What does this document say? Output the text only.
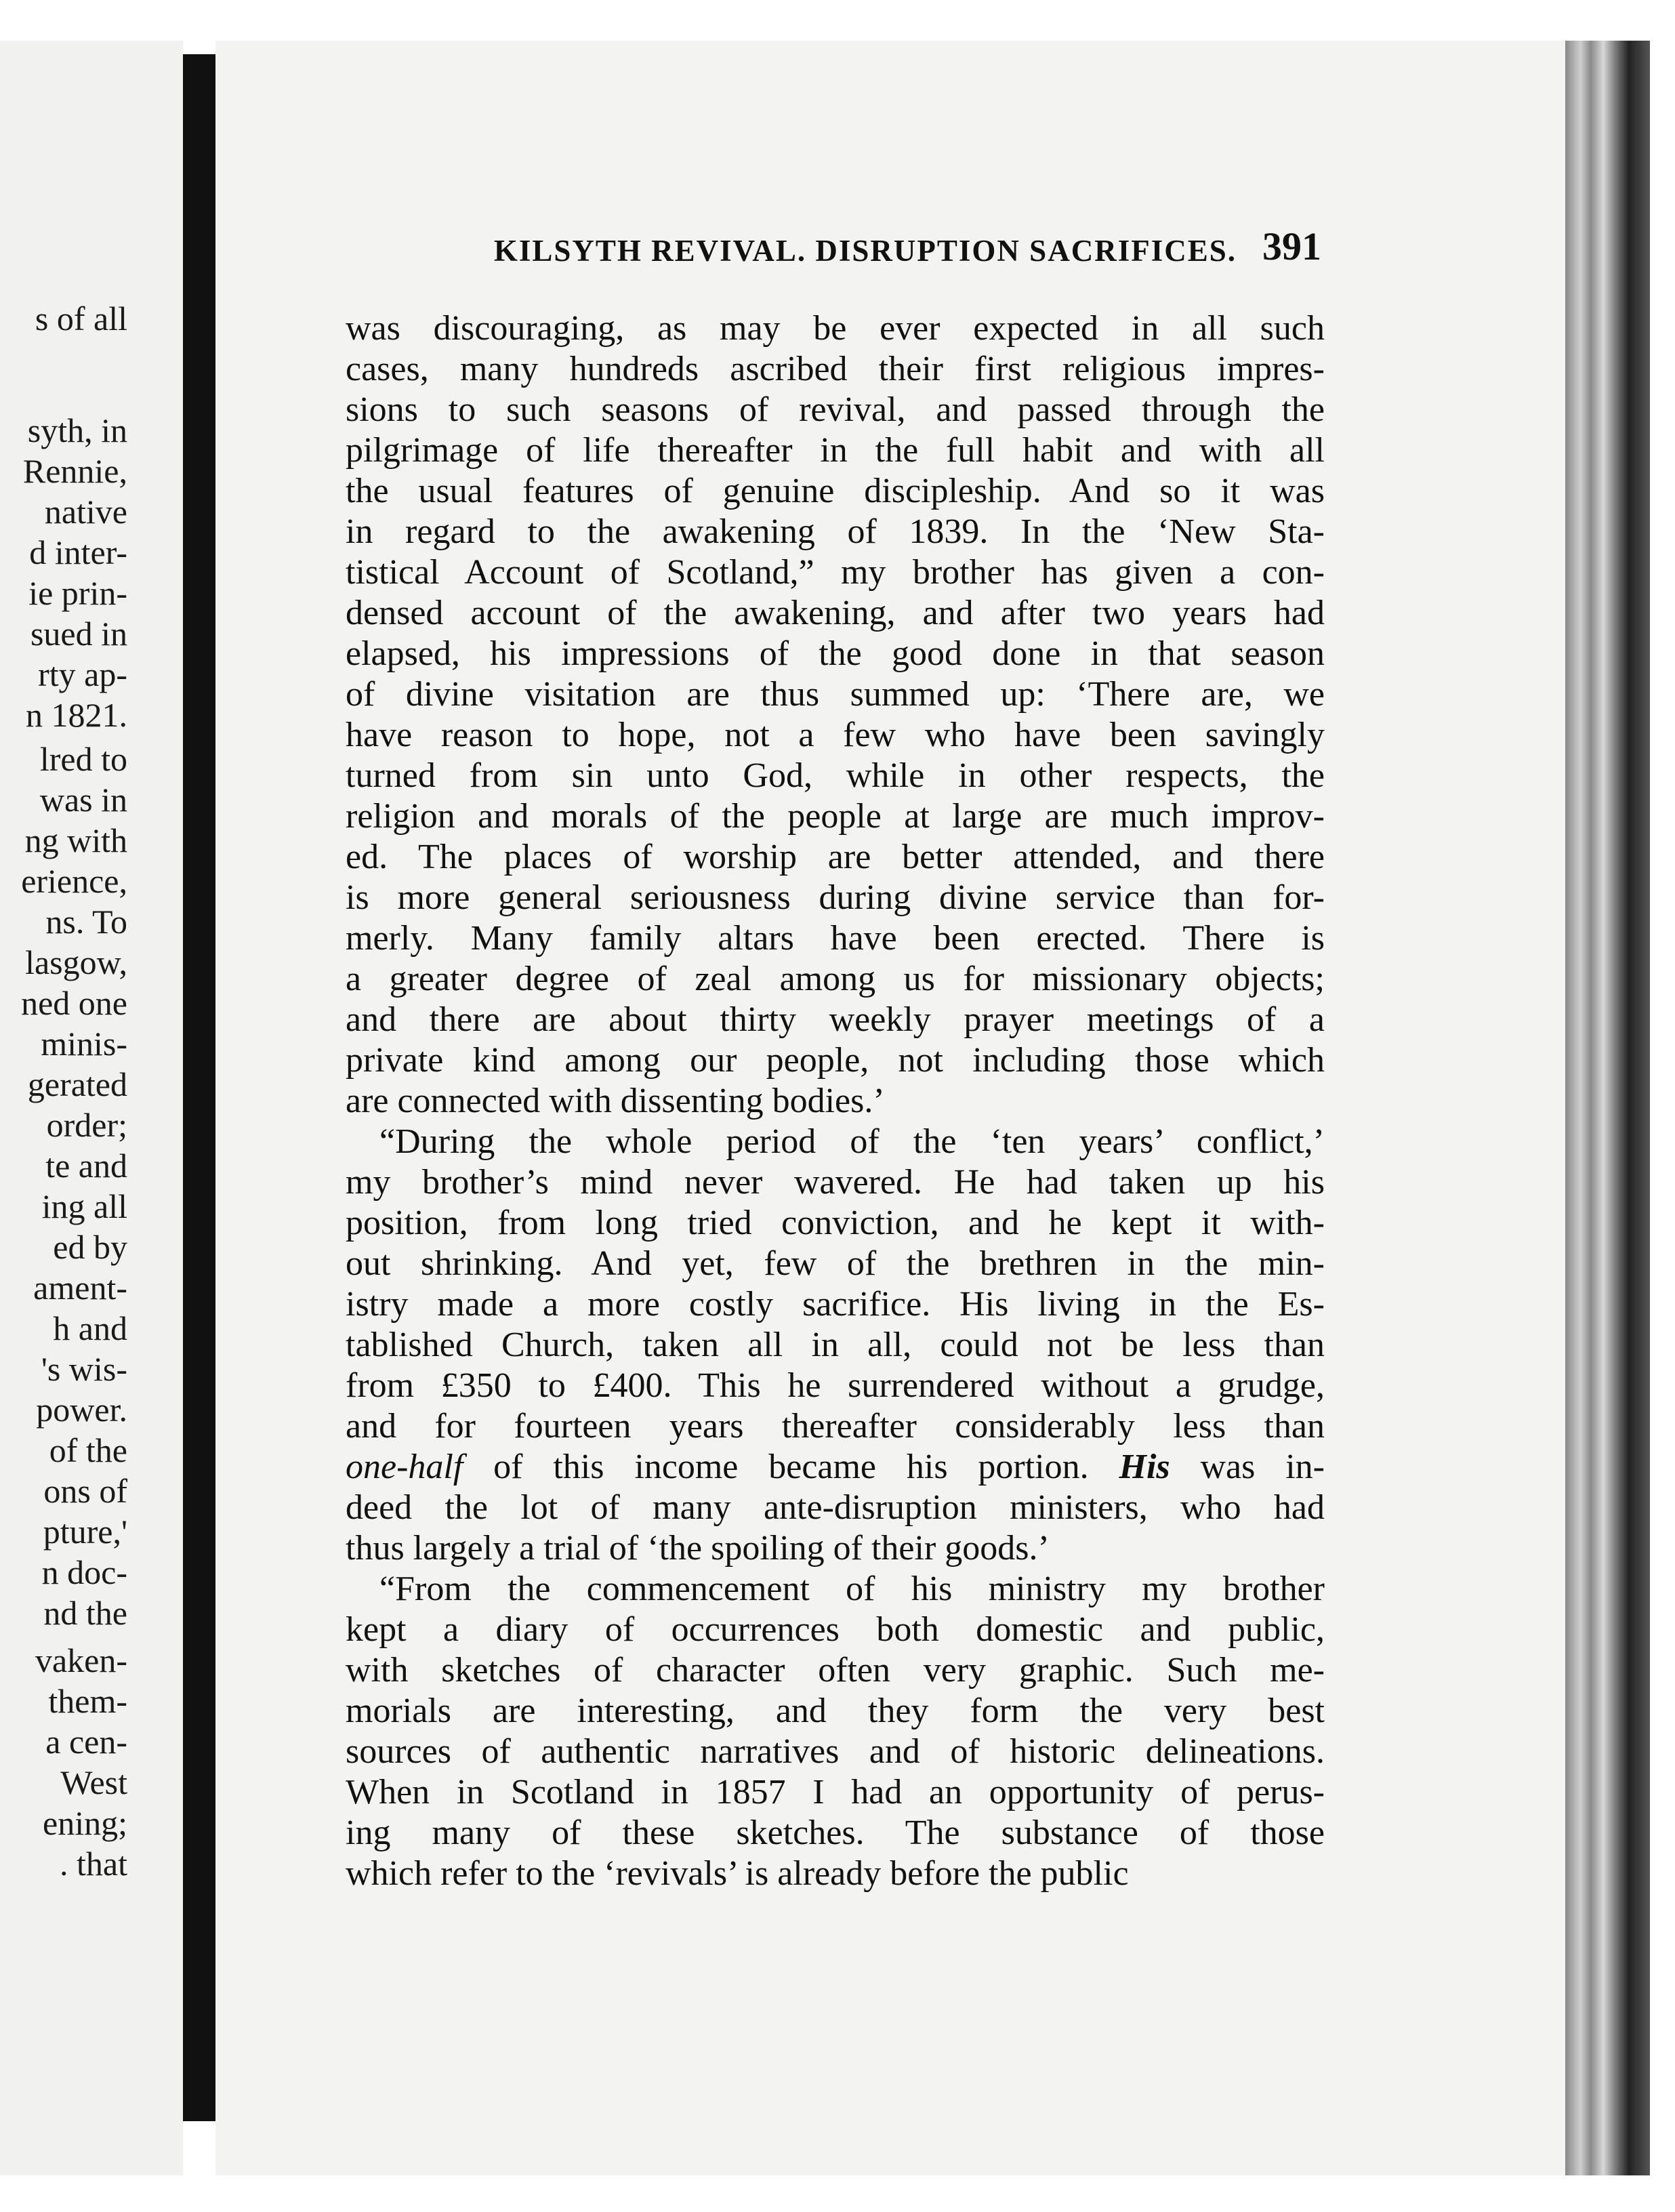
s of all
syth, in
Rennie,
native
d inter-
ie prin-
sued in
rty ap-
n 1821.
lred to
was in
ng with
erience,
ns. To
lasgow,
ned one
minis-
gerated
order;
te and
ing all
ed by
ament-
h and
's wis-
power.
of the
ons of
pture,'
n doc-
nd the
vaken-
them-
a cen-
West
ening;
. that
KILSYTH REVIVAL. DISRUPTION SACRIFICES. 391
was discouraging, as may be ever expected in all such
cases, many hundreds ascribed their first religious impres-
sions to such seasons of revival, and passed through the
pilgrimage of life thereafter in the full habit and with all
the usual features of genuine discipleship. And so it was
in regard to the awakening of 1839. In the ‘New Sta-
tistical Account of Scotland,” my brother has given a con-
densed account of the awakening, and after two years had
elapsed, his impressions of the good done in that season
of divine visitation are thus summed up: ‘There are, we
have reason to hope, not a few who have been savingly
turned from sin unto God, while in other respects, the
religion and morals of the people at large are much improv-
ed. The places of worship are better attended, and there
is more general seriousness during divine service than for-
merly. Many family altars have been erected. There is
a greater degree of zeal among us for missionary objects;
and there are about thirty weekly prayer meetings of a
private kind among our people, not including those which
are connected with dissenting bodies.’
“During the whole period of the ‘ten years’ conflict,’
my brother’s mind never wavered. He had taken up his
position, from long tried conviction, and he kept it with-
out shrinking. And yet, few of the brethren in the min-
istry made a more costly sacrifice. His living in the Es-
tablished Church, taken all in all, could not be less than
from £350 to £400. This he surrendered without a grudge,
and for fourteen years thereafter considerably less than
one-half of this income became his portion. His was in-
deed the lot of many ante-disruption ministers, who had
thus largely a trial of ‘the spoiling of their goods.’
“From the commencement of his ministry my brother
kept a diary of occurrences both domestic and public,
with sketches of character often very graphic. Such me-
morials are interesting, and they form the very best
sources of authentic narratives and of historic delineations.
When in Scotland in 1857 I had an opportunity of perus-
ing many of these sketches. The substance of those
which refer to the ‘revivals’ is already before the public
